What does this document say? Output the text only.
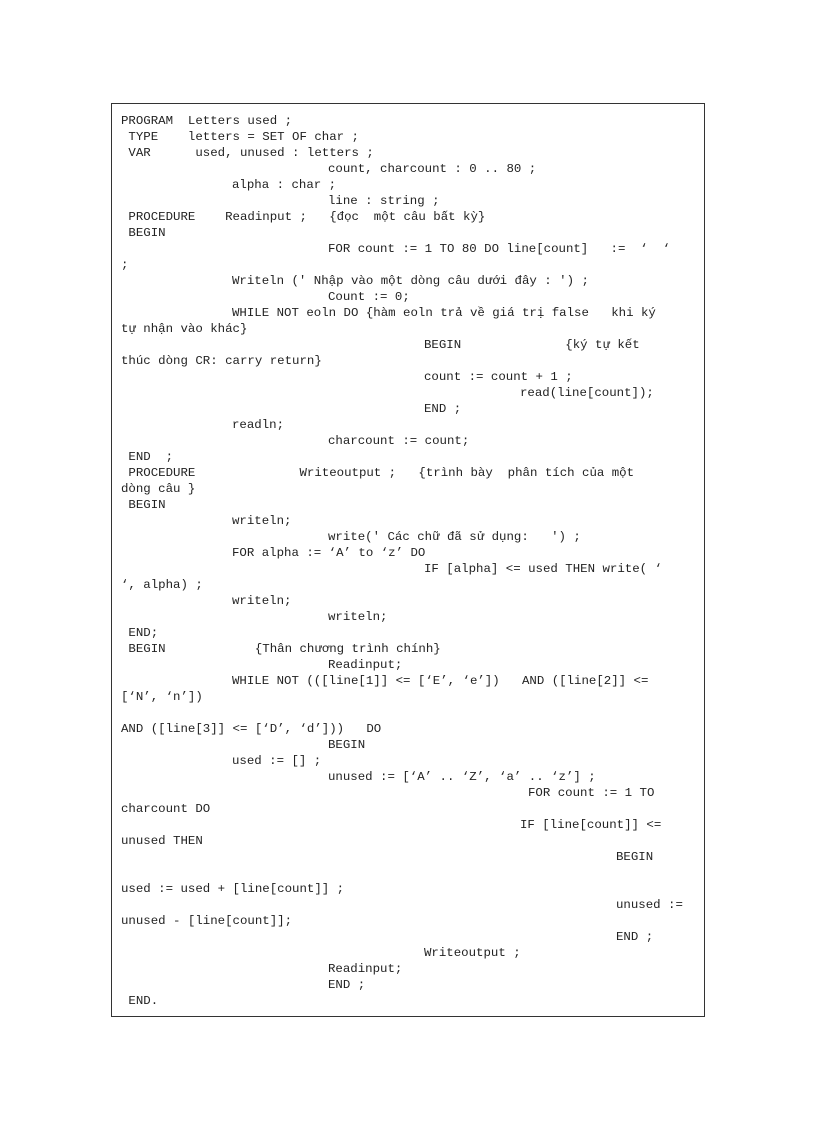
PROGRAM  Letters used ;
TYPE    letters = SET OF char ;
VAR      used, unused : letters ;
count, charcount : 0 .. 80 ;
alpha : char ;
line : string ;
PROCEDURE    Readinput ;   {đọc  một câu bất kỳ}
BEGIN
FOR count := 1 TO 80 DO line[count]   :=  ‘  ‘
;
Writeln (' Nhập vào một dòng câu dưới đây : ') ;
Count := 0;
WHILE NOT eoln DO {hàm eoln trả về giá trị false   khi ký
tự nhận vào khác}
BEGIN              {ký tự kết
thúc dòng CR: carry return}
count := count + 1 ;
read(line[count]);
END ;
readln;
charcount := count;
END  ;
PROCEDURE              Writeoutput ;   {trình bày  phân tích của một
dòng câu }
BEGIN
writeln;
write(' Các chữ đã sử dụng:   ') ;
FOR alpha := ‘A’ to ‘z’ DO
IF [alpha] <= used THEN write( ‘
‘, alpha) ;
writeln;
writeln;
END;
BEGIN            {Thân chương trình chính}
Readinput;
WHILE NOT (([line[1]] <= [‘E’, ‘e’])   AND ([line[2]] <=
[‘N’, ‘n’])
AND ([line[3]] <= [‘D’, ‘d’]))   DO
BEGIN
used := [] ;
unused := [‘A’ .. ‘Z’, ‘a’ .. ‘z’] ;
FOR count := 1 TO
charcount DO
IF [line[count]] <=
unused THEN
BEGIN
used := used + [line[count]] ;
unused :=
unused - [line[count]];
END ;
Writeoutput ;
Readinput;
END ;
END.
